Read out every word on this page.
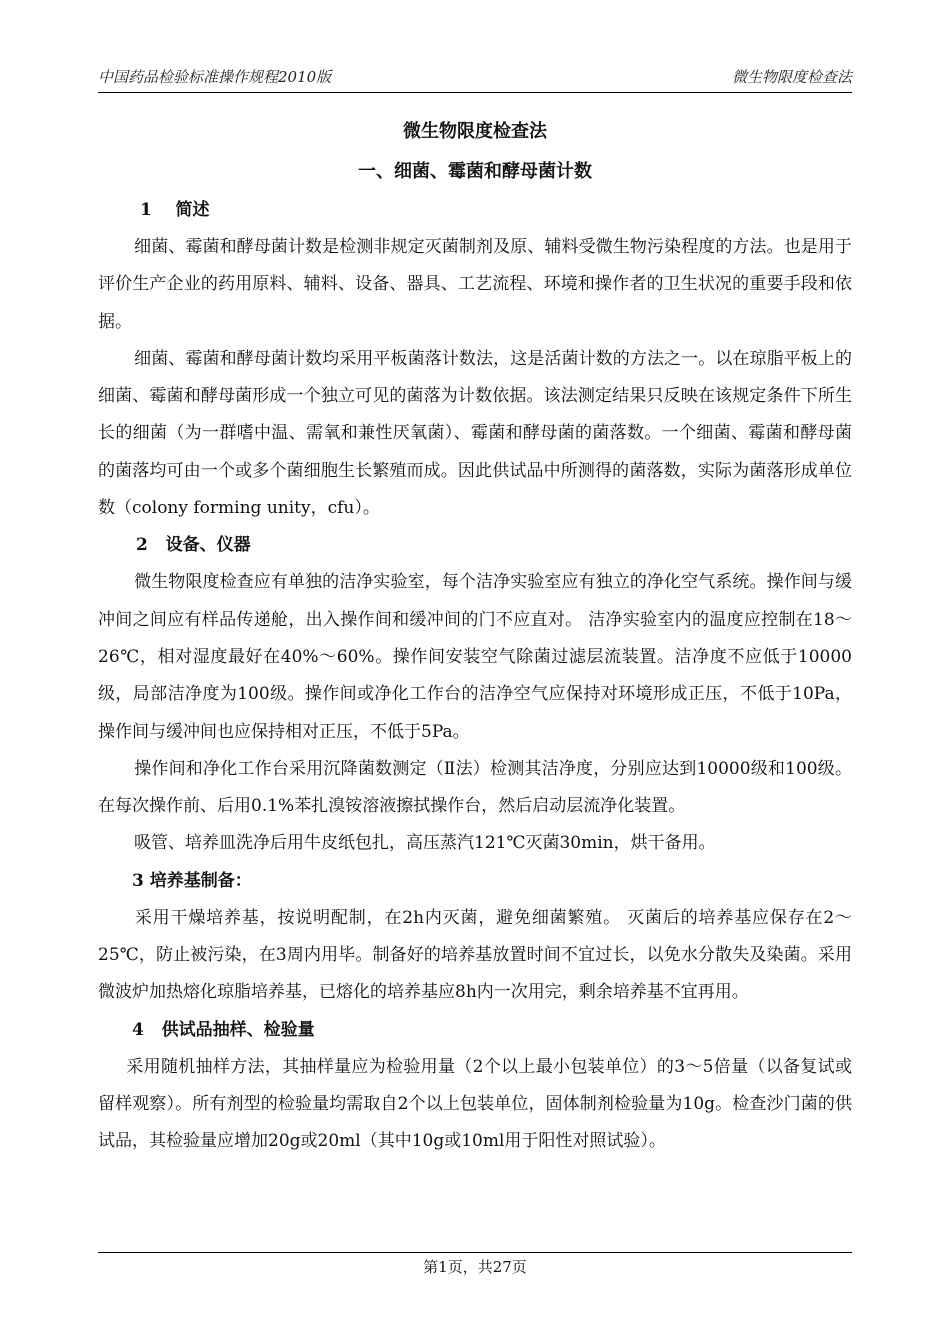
中国药品检验标准操作规程2010版	微生物限度检查法
微生物限度检查法
一、细菌、霉菌和酵母菌计数
1    简述

细菌、霉菌和酵母菌计数是检测非规定灭菌制剂及原、辅料受微生物污染程度的方法。也是用于评价生产企业的药用原料、辅料、设备、器具、工艺流程、环境和操作者的卫生状况的重要手段和依据。

细菌、霉菌和酵母菌计数均采用平板菌落计数法，这是活菌计数的方法之一。以在琼脂平板上的细菌、霉菌和酵母菌形成一个独立可见的菌落为计数依据。该法测定结果只反映在该规定条件下所生长的细菌（为一群嗜中温、需氧和兼性厌氧菌）、霉菌和酵母菌的菌落数。一个细菌、霉菌和酵母菌的菌落均可由一个或多个菌细胞生长繁殖而成。因此供试品中所测得的菌落数，实际为菌落形成单位数（colony forming unity，cfu）。

2   设备、仪器

微生物限度检查应有单独的洁净实验室，每个洁净实验室应有独立的净化空气系统。操作间与缓冲间之间应有样品传递舱，出入操作间和缓冲间的门不应直对。 洁净实验室内的温度应控制在18～26℃，相对湿度最好在40%～60%。操作间安装空气除菌过滤层流装置。洁净度不应低于10000级，局部洁净度为100级。操作间或净化工作台的洁净空气应保持对环境形成正压，不低于10Pa，操作间与缓冲间也应保持相对正压，不低于5Pa。

操作间和净化工作台采用沉降菌数测定（Ⅱ法）检测其洁净度，分别应达到10000级和100级。 在每次操作前、后用0.1%苯扎溴铵溶液擦拭操作台，然后启动层流净化装置。

吸管、培养皿洗净后用牛皮纸包扎，高压蒸汽121℃灭菌30min，烘干备用。

3 培养基制备：

采用干燥培养基，按说明配制，在2h内灭菌，避免细菌繁殖。 灭菌后的培养基应保存在2～25℃，防止被污染，在3周内用毕。制备好的培养基放置时间不宜过长，以免水分散失及染菌。采用微波炉加热熔化琼脂培养基，已熔化的培养基应8h内一次用完，剩余培养基不宜再用。

4   供试品抽样、检验量

采用随机抽样方法，其抽样量应为检验用量（2个以上最小包装单位）的3～5倍量（以备复试或留样观察）。所有剂型的检验量均需取自2个以上包装单位，固体制剂检验量为10g。检查沙门菌的供试品，其检验量应增加20g或20ml（其中10g或10ml用于阳性对照试验）。

第1页，共27页
